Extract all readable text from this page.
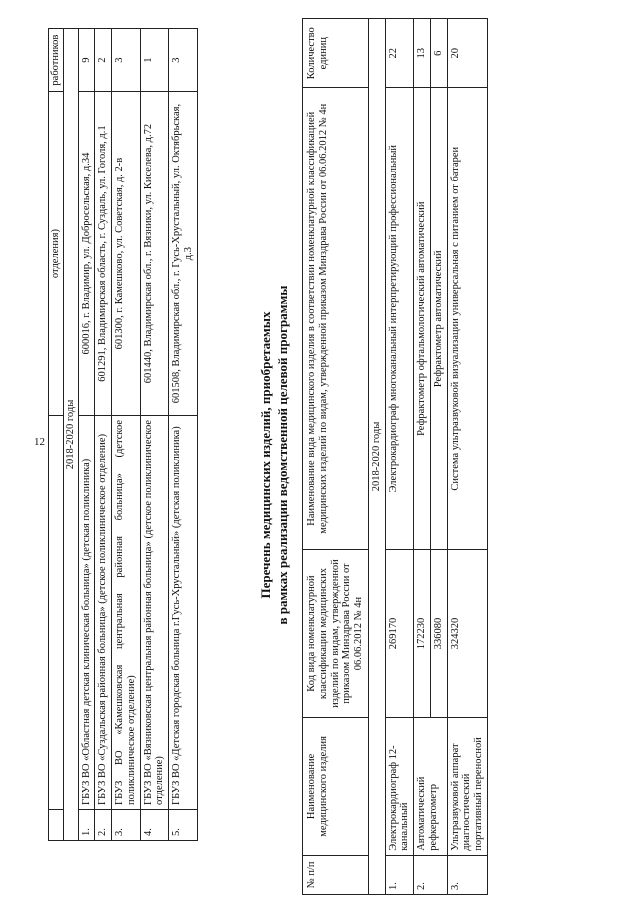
12
		отделения)	работников
2018-2020 годы			
1.	ГБУЗ ВО «Областная детская клиническая больница» (детская поликлиника)	600016, г. Владимир, ул. Добросельская, д.34	9
2.	ГБУЗ ВО «Суздальская районная больница» (детское поликлиническое отделение)	601291, Владимирская область, г. Суздаль, ул. Гоголя, д.1	2
3.	ГБУЗ ВО «Камешковская центральная районная больница» (детское поликлиническое отделение)	601300, г. Камешково, ул. Советская, д. 2-в	3
4.	ГБУЗ ВО «Вязниковская центральная районная больница» (детское поликлиническое отделение)	601440, Владимирская обл., г. Вязники, ул. Киселева, д.72	1
5.	ГБУЗ ВО «Детская городская больница г.Гусь-Хрустальный» (детская поликлиника)	601508, Владимирская обл., г. Гусь-Хрустальный, ул. Октябрьская, д.3	3
Перечень медицинских изделий, приобретаемых в рамках реализации ведомственной целевой программы
№ п/п	Наименование медицинского изделия	Код вида номенклатурной классификации медицинских изделий по видам, утвержденной приказом Минздрава России от 06.06.2012 № 4н	Наименование вида медицинского изделия в соответствии номенклатурной классификацией медицинских изделий по видам, утвержденной приказом Минздрава России от 06.06.2012 № 4н	Количество единиц
2018-2020 годы				
1.	Электрокардиограф 12-канальный	269170	Электрокардиограф многоканальный интерпретирующий профессиональный	22
2.	Автоматический рефкератометр	172230	Рефрактометр офтальмологический автоматический	13
		336080	Рефрактометр автоматический	6
3.	Ультразвуковой аппарат диагностический портативный переносной	324320	Система ультразвуковой визуализации универсальная с питанием от батареи	20
